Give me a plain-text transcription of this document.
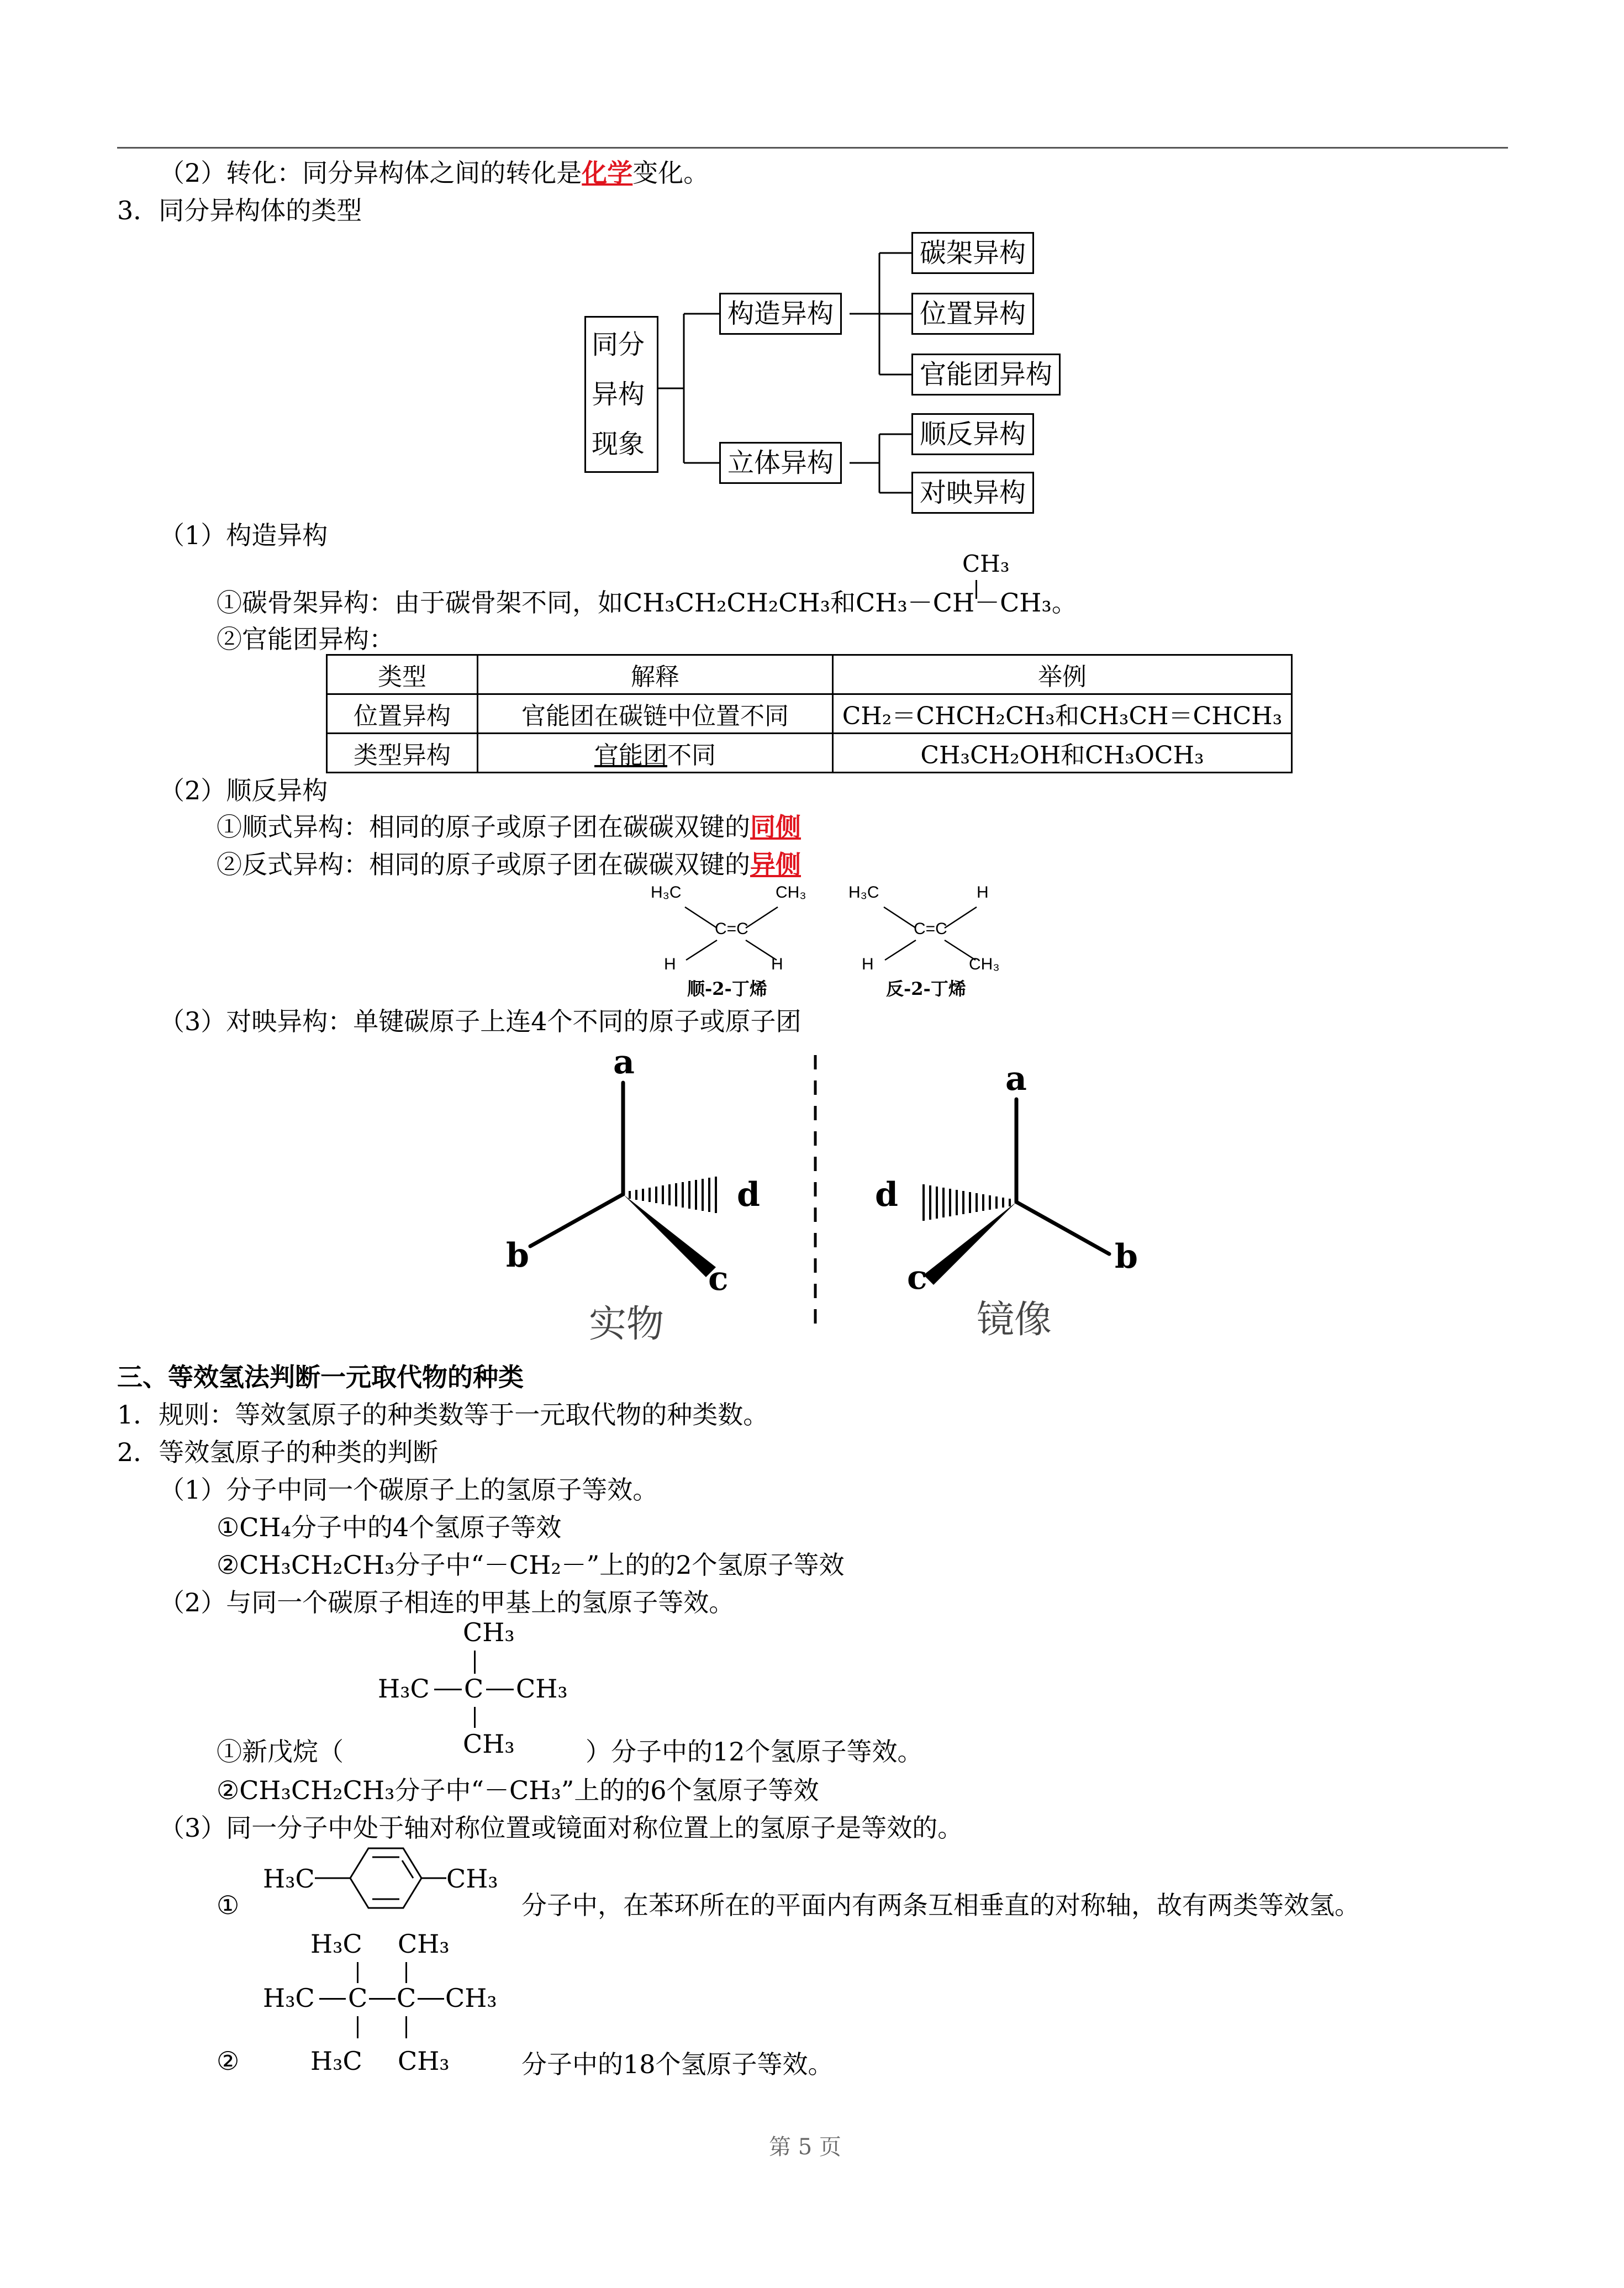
（2）转化：同分异构体之间的转化是化学变化。
3．同分异构体的类型
同分
异构
现象
构造异构
立体异构
碳架异构
位置异构
官能团异构
顺反异构
对映异构
（1）构造异构
CH₃
①碳骨架异构：由于碳骨架不同，如CH₃CH₂CH₂CH₃和CH₃－CH－CH₃。
②官能团异构：
类型	解释	举例
位置异构	官能团在碳链中位置不同	CH₂＝CHCH₂CH₃和CH₃CH＝CHCH₃
类型异构	官能团不同	CH₃CH₂OH和CH₃OCH₃
（2）顺反异构
①顺式异构：相同的原子或原子团在碳碳双键的同侧
②反式异构：相同的原子或原子团在碳碳双键的异侧
H₃C	CH₃
C=C
H	H
顺-2-丁烯
H₃C	H
C=C
H	CH₃
反-2-丁烯
（3）对映异构：单键碳原子上连4个不同的原子或原子团
a
d
b
c
实物
a
d
b
c
镜像
三、等效氢法判断一元取代物的种类
1．规则：等效氢原子的种类数等于一元取代物的种类数。
2．等效氢原子的种类的判断
（1）分子中同一个碳原子上的氢原子等效。
①CH₄分子中的4个氢原子等效
②CH₃CH₂CH₃分子中“－CH₂－”上的的2个氢原子等效
（2）与同一个碳原子相连的甲基上的氢原子等效。
CH₃
H₃C C CH₃
CH₃
①新戊烷（	）分子中的12个氢原子等效。
②CH₃CH₂CH₃分子中“－CH₃”上的的6个氢原子等效
（3）同一分子中处于轴对称位置或镜面对称位置上的氢原子是等效的。
①
H₃C	CH₃
分子中，在苯环所在的平面内有两条互相垂直的对称轴，故有两类等效氢。
H₃C CH₃
H₃C C C CH₃
H₃C CH₃
②	分子中的18个氢原子等效。
第 5 页
